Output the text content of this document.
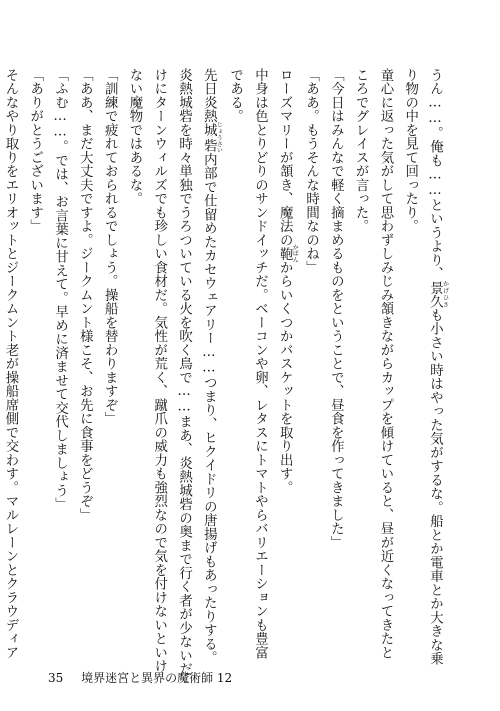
うん……。俺も……というより、景久 かげひさも小さい時はやった気がするな。船とか電車とか大きな乗
り物の中を見て回ったり。
童心に返った気がして思わずしみじみ頷きながらカップを傾けていると、昼が近くなってきたと
ころでグレイスが言った。
「今日はみんなで軽く摘まめるものをということで、昼食を作ってきました」
「ああ。もうそんな時間なのね」
ローズマリーが頷き、魔法の鞄 かばんからいくつかバスケットを取り出す。
中身は色とりどりのサンドイッチだ。ベーコンや卵、レタスにトマトやらバリエーションも豊富
である。
先日炎熱城砦 じょうさい内部で仕留めたカセウェアリー……つまり、ヒクイドリの唐揚げもあったりする。
炎熱城砦を時々単独でうろついている火を吹く鳥で……まあ、炎熱城砦の奥まで行く者が少ないだ
けにターンウィルズでも珍しい食材だ。気性が荒く、蹴爪の威力も強烈なので気を付けないといけ
ない魔物ではあるな。
「訓練で疲れておられるでしょう。操船を替わりますぞ」
「ああ、まだ大丈夫ですよ。ジークムント様こそ、お先に食事をどうぞ」
「ふむ……。では、お言葉に甘えて。早めに済ませて交代しましょう」
「ありがとうございます」
そんなやり取りをエリオットとジークムント老が操船席側で交わす。マルレーンとクラウディア
35 境界迷宮と異界の魔術師 12
